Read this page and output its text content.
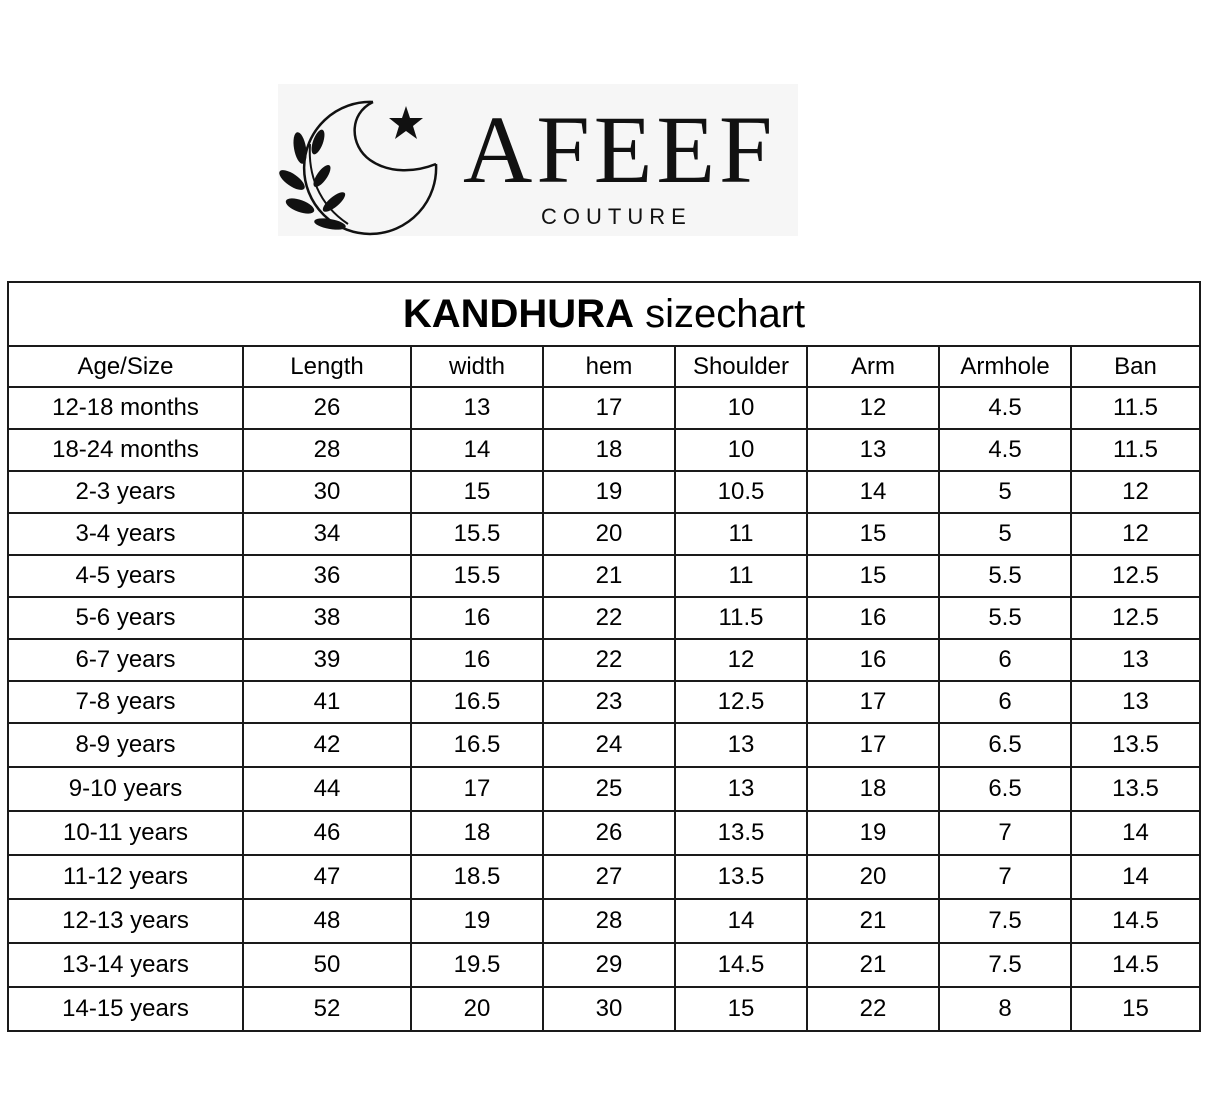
AFEEF
COUTURE
KANDHURA sizechart							
Age/Size	Length	width	hem	Shoulder	Arm	Armhole	Ban
12-18 months	26	13	17	10	12	4.5	11.5
18-24 months	28	14	18	10	13	4.5	11.5
2-3 years	30	15	19	10.5	14	5	12
3-4 years	34	15.5	20	11	15	5	12
4-5 years	36	15.5	21	11	15	5.5	12.5
5-6 years	38	16	22	11.5	16	5.5	12.5
6-7 years	39	16	22	12	16	6	13
7-8 years	41	16.5	23	12.5	17	6	13
8-9 years	42	16.5	24	13	17	6.5	13.5
9-10 years	44	17	25	13	18	6.5	13.5
10-11 years	46	18	26	13.5	19	7	14
11-12 years	47	18.5	27	13.5	20	7	14
12-13 years	48	19	28	14	21	7.5	14.5
13-14 years	50	19.5	29	14.5	21	7.5	14.5
14-15 years	52	20	30	15	22	8	15
